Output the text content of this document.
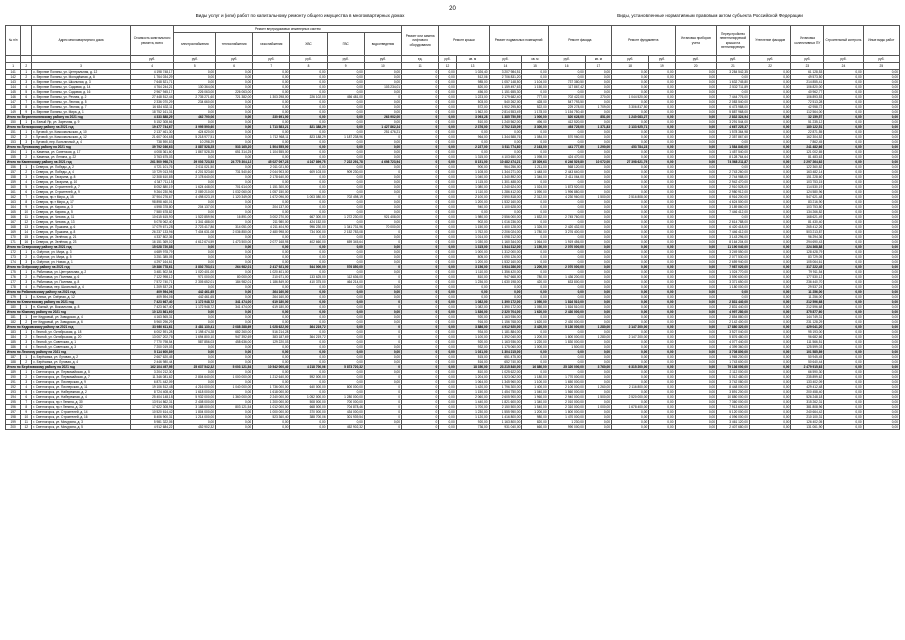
20
Виды услуг и (или) работ по капитальному ремонту общего имущества в многоквартирных домах	Виды, установленные нормативным правовым актом субъекта Российской Федерации
№ п/п		Адрес многоквартирного дома	Стоимость капитального ремонта, всего	Ремонт внутридомовых инженерных систем						Ремонт или замена лифтового оборудования	Ремонт крыши		Ремонт подвальных помещений		Ремонт фасада		Ремонт фундамента		Установка приборов учета	Переустройство невентилируемой крыши на вентилируемую	Утепление фасадов	Установка коллективных ПУ	Строительный контроль	Иные виды работ
				электроснабжения	теплоснабжения	газоснабжения	ХВС	ГВС	водоотведения															
			руб.	руб.	руб.	руб.	руб.	руб.	руб.	ед.	руб.	кв. м	руб.	кв. м	руб.	кв. м	руб.	руб.	руб.	руб.	руб.	руб.	руб.	руб.
1	2	3	4	5	6	7	8	9	10	11	12	13	14	15	16	17	18	19	20	21	22	23	24	25
141	1	с. Верхние Поляны, ул. Центральная, д. 12	4 198 748,17	0,00	0,00	0,00	0,00	0,00	0,00	0	0,00	1 026,40	3 207 984,51	0,00	0,00	0,00	0,00	0,00	0,00	3 284 542,35	0,00	61 128,53	0,00	0,00
142	2	с. Верхние Поляны, ул. Молодёжная, д. 8	1 764 034,29	0,00	0,00	0,00	0,00	0,00	0,00	0	0,00	512,06	2 706 831,20	0,00	0,00	0,00	0,00	0,00	0,00	0,00	0,00	49 573,50	0,00	0,00
143	3	с. Верхние Поляны, ул. Школьная, д. 3	7 648 521,71	0,00	0,00	0,00	0,00	0,00	0,00	0	0,00	985,00	1 057 148,50	1 104,00	737 380,50	0,00	0,00	0,00	0,00	1 632 745,80	0,00	214 855,41	0,00	0,00
144	4	с. Верхние Поляны, ул. Садовая, д. 14	4 764 244,21	130 364,06	0,00	0,00	0,00	0,00	103 234,01	0	0,00	820,00	1 159 497,63	1 150,00	117 867,42	0,00	0,00	0,00	0,00	2 532 711,89	0,00	106 820,00	0,00	0,00
145	5	с. Верхние Поляны, ул. Садовая, д. 16	2 967 945,17	226 063,00	226 063,00	0,00	0,00	0,00	0,00	0	0,00	456,00	1 151 655,30	0,00	0,00	0,00	0,00	0,00	0,00	0,00	0,00	40 962,77	0,00	0,00
146	6	с. Верхние Поляны, ул. Речная, д. 2	27 448 512,44	2 735 271,60	721 382,00	1 303 298,00	226 102,00	456 481,00	0	0	0,00	1 223,00	2 179 682,40	777,00	702 422,00	270,00	1 044 520,00	0,00	0,00	7 444 776,00	0,00	106 893,53	0,00	0,00
147	7	с. Верхние Поляны, ул. Лесная, д. 5	2 336 070,29	234 660,00	0,00	0,00	0,00	0,00	0,00	0	0,00	503,00	540 262,00	428,00	547 793,50	0,00	0,00	0,00	0,00	2 083 540,00	0,00	72 513,28	0,00	0,00
148	8	с. Верхние Поляны, ул. Лесная, д. 7	16 634 632,11	0,00	0,00	0,00	0,00	0,00	0,00	0	0,00	572,00	1 902 295,80	522,00	229 278,00	1 709,00	3 306 817,50	0,00	0,00	6 473 988,00	0,00	42 958,72	0,00	0,00
149	9	с. Верхние Поляны, ул. Мира, д. 1	18 752 161,31	0,00	0,00	0,00	0,00	0,00	0,00	0	0,00	1 562,00	2 814 553,49	1 178,00	1 154 750,40	0,00	0,00	0,00	0,00	5 887 968,00	0,00	112 564,00	0,00	0,00
Итого по Верхнеполянскому району на 2021 год			4 333 888,29	462 790,06	0,00	230 691,00	0,00	0,00	263 902,00	0	0,00	3 093,28	1 385 750,59	1 000,00	820 628,00	851,00	1 240 083,27	0,00	0,00	2 832 324,94	0,00	32 159,57	0,00	0,00
150	1	с. Белый Яр, ул. Заречная, д. 9	5 152 308,66	0,00	0,00	0,00	0,00	0,00	0,00	0	0,00	510,00	1 240 562,00	496,00	412 520,00	0,00	0,00	0,00	0,00	3 291 544,00	0,00	51 235,12	0,00	0,00
Итого по Белоярскому району на 2021 год			19 477 744,67	3 995 590,60	0,00	1 713 583,21	821 388,29	0,00	1 427 862,24	0	0,00	2 376,00	2 702 315,09	3 300,00	493 725,00	1 371,83	2 133 925,71	0,00	0,00	4 667 225,37	0,00	180 122,51	0,00	0,00
151	1	г. Луговой, ул. Комсомольская, д. 10	2 137 461,30	424 620,00	0,00	0,00	0,00	0,00	251 476,21	0	0,00	0,00	0,00	0,00	0,00	0,00	0,00	0,00	0,00	1 578 364,98	0,00	22 871,55	0,00	0,00
152	2	г. Луговой, ул. Комсомольская, д. 12	21 607 004,68	5 218 977,51	0,00	1 712 968,11	823 188,29	1 187 238,96	0	0	0,00	964,00	1 344 588,76	1 084,00	570 960,00	0,00	0,00	0,00	0,00	2 357 867,60	0,00	162 304,52	0,00	0,00
153	3	г. Луговой, пер. Больничный, д. 4	738 590,83	10 298,29	0,00	0,00	0,00	0,00	0,00	0	0,00	0,00	0,00	0,00	0,00	0,00	0,00	0,00	0,00	0,00	0,00	7 862,45	0,00	0,00
Итого по Луговскому району на 2021 год			39 792 036,63	3 887 528,25	533 165,20	1 504 555,00	0,00	0,00	0,00	0	0,00	2 227,00	3 511 774,80	2 163,00	441 777,60	1 290,00	453 784,23	0,00	0,00	1 584 840,00	0,00	241 482,66	0,00	0,00
154	1	с. Каменка, ул. Советская, д. 17	4 008 361,60	1 867 528,25	651 314,25	1 104 555,00	0,00	0,00	0,00	0	0,00	0,00	0,00	0,00	0,00	0,00	0,00	0,00	0,00	1 457 540,00	0,00	121 002,65	0,00	0,00
155	2	с. Каменка, ул. Ленина, д. 22	3 763 675,03	0,00	0,00	0,00	0,00	0,00	0,00	0	0,00	1 315,00	4 103 650,00	1 098,00	424 470,00	0,00	0,00	0,00	0,00	8 128 764,64	0,00	81 483,63	0,00	0,00
Итого по Каменскому району на 2021 год			261 500 998,74	29 003 723,53	24 775 304,12	45 027 097,23	4 247 899,75	7 222 291,78	4 698 723,94	0	0,00	8 151,00	10 482 474,21	15 309,63	6 246 529,80	10 072,00	27 398 621,79	0,00	0,00	74 568 211,87	0,00	2 297 264,62	0,00	0,00
156	1	г. Северск, ул. Победы, д. 2	4 721 101,76	2 011 021,50	0,00	2 011 021,50	0,00	0,00	0,00	0	0,00	900,00	964 256,00	1 211,00	568 120,00	0,00	0,00	0,00	0,00	0,00	0,00	122 360,82	0,00	0,00
157	2	г. Северск, ул. Победы, д. 4	10 729 013,95	4 201 523,60	731 540,60	2 044 903,00	609 103,00	909 230,00	0	0	0,00	1 108,00	1 344 271,00	1 448,00	2 443 640,00	0,00	0,00	0,00	0,00	2 743 260,00	0,00	163 482,14	0,00	0,00
158	3	г. Северск, ул. Гагарина, д. 8	12 308 610,85	2 178 640,00	0,00	2 178 640,00	0,00	0,00	0,00	0	0,00	1 040,00	1 340 892,00	1 346,00	2 411 064,00	0,00	0,00	0,00	0,00	2 744 988,00	0,00	151 228,60	0,00	0,00
159	4	г. Северск, ул. Гагарина, д. 10	4 347 711,15	0,00	0,00	0,00	0,00	0,00	0,00	0	0,00	1 115,00	1 301 488,00	0,00	0,00	0,00	0,00	0,00	0,00	2 942 470,00	0,00	103 753,15	0,00	0,00
160	5	г. Северск, ул. Строителей, д. 7	8 052 880,19	1 624 448,00	701 614,00	1 151 300,00	0,00	0,00	0,00	0	0,00	1 080,00	1 240 624,00	1 024,00	1 873 920,00	0,00	0,00	0,00	0,00	2 910 528,00	0,00	114 530,19	0,00	0,00
161	6	г. Северск, ул. Строителей, д. 9	9 264 230,96	2 089 210,00	1 032 060,00	1 057 150,00	0,00	0,00	0,00	0	0,00	1 110,00	1 286 412,00	1 090,00	1 996 880,00	0,00	0,00	0,00	0,00	2 980 912,00	0,00	124 580,96	0,00	0,00
162	7	г. Северск, пр-т Мира, д. 15	37 904 276,67	4 498 023,19	1 120 349,00	1 672 096,00	1 003 080,00	702 498,19	0	0	0,00	2 100,00	2 590 818,00	2 312,00	4 230 960,00	1 500,00	2 516 808,00	0,00	0,00	8 916 200,00	0,00	547 621,48	0,00	0,00
163	8	г. Северск, пр-т Мира, д. 17	98 898 460,01	0,00	0,00	0,00	0,00	0,00	0,00	0	0,00	1 200,00	1 532 160,00	0,00	0,00	0,00	0,00	0,00	0,00	4 624 500,00	0,00	83 216,90	0,00	0,00
164	9	г. Северск, ул. Кирова, д. 3	4 598 378,80	204 137,00	0,00	204 137,00	0,00	0,00	0,00	0	0,00	940,00	1 100 628,00	0,00	0,00	0,00	0,00	0,00	0,00	3 189 860,00	0,00	103 753,80	0,00	0,00
165	10	г. Северск, ул. Кирова, д. 5	7 580 678,82	0,00	0,00	0,00	0,00	0,00	0,00	0	0,00	0,00	0,00	0,00	0,00	0,00	0,00	0,00	0,00	7 446 412,00	0,00	134 266,82	0,00	0,00
166	11	г. Северск, ул. Чехова, д. 11	10 615 615,90	1 522 859,96	16 891,00	3 002 270,00	667 300,00	1 272 230,00	921 408,00	0	0,00	1 980,00	2 556 000,00	1 832,00	2 745 760,00	0,00	0,00	0,00	0,00	0,00	0,00	168 621,49	0,00	0,00
167	12	г. Северск, ул. Чехова, д. 13	5 078 062,40	1 341 488,00	0,00	211 980,00	424 152,00	0,00	0,00	0	0,00	902,00	1 016 236,00	0,00	0,00	0,00	0,00	0,00	0,00	2 614 788,00	0,00	81 430,40	0,00	0,00
168	13	г. Северск, ул. Пушкина, д. 6	17 079 671,28	2 723 417,86	314 051,00	4 211 404,90	996 230,00	1 341 731,96	70 000,00	0	0,00	1 150,00	1 400 128,00	1 326,00	2 420 432,00	0,00	0,00	0,00	0,00	6 420 418,00	0,00	265 412,26	0,00	0,00
169	14	г. Северск, ул. Пушкина, д. 8	26 237 133,96	7 404 631,08	2 036 850,00	2 480 998,00	734 000,00	2 152 783,08	0	0	0,00	1 762,00	2 206 024,00	1 780,00	3 276 400,00	0,00	0,00	0,00	0,00	7 446 412,00	0,00	503 213,87	0,00	0,00
170	15	г. Северск, ул. Зелёная, д. 21	4 337 802,36	0,00	0,00	0,00	0,00	0,00	0,00	0	0,00	1 014,00	1 098 212,00	0,00	0,00	0,00	0,00	0,00	0,00	3 143 296,00	0,00	96 294,36	0,00	0,00
171	16	г. Северск, ул. Зелёная, д. 23	16 151 369,02	4 612 674,59	1 473 500,00	2 077 168,95	402 660,00	659 345,64	0	0	0,00	1 030,00	1 160 344,00	1 064,00	1 919 456,00	0,00	0,00	0,00	0,00	8 164 204,00	0,00	294 690,43	0,00	0,00
Итого по Северскому району на 2021 год			15 028 720,88	0,00	0,00	0,00	0,00	0,00	0,00	0	0,00	1 315,00	1 544 312,00	1 150,00	2 070 000,00	0,00	0,00	0,00	0,00	11 190 040,00	0,00	224 368,88	0,00	0,00
172	1	с. Озёрное, ул. Мира, д. 3	4 689 978,79	0,00	0,00	0,00	0,00	0,00	0,00	0	0,00	1 000,00	1 312 000,00	0,00	0,00	0,00	0,00	0,00	0,00	3 249 550,00	0,00	128 428,79	0,00	0,00
173	2	с. Озёрное, ул. Мира, д. 5	3 251 385,05	0,00	0,00	0,00	0,00	0,00	0,00	0	0,00	805,00	1 090 126,00	0,00	0,00	0,00	0,00	0,00	0,00	2 077 530,00	0,00	83 729,05	0,00	0,00
174	3	с. Озёрное, ул. Новая, д. 1	4 297 164,61	0,00	0,00	0,00	0,00	0,00	0,00	0	0,00	1 200,00	1 532 160,00	0,00	0,00	0,00	0,00	0,00	0,00	2 659 940,00	0,00	105 064,61	0,00	0,00
Итого по Озёрскому району на 2021 год			19 386 778,61	3 802 753,01	264 982,01	2 417 921,00	544 000,00	576 850,00	0	0	0,00	3 156,00	3 934 286,00	1 200,00	2 070 000,00	0,00	0,00	0,00	0,00	7 987 020,00	0,00	317 222,45	0,00	0,00
175	1	с. Рябиновка, ул. Центральная, д. 2	3 481 502,54	1 020 401,00	0,00	1 020 401,00	0,00	0,00	0,00	0	0,00	1 110,00	1 356 420,00	0,00	0,00	0,00	0,00	0,00	0,00	1 024 770,00	0,00	79 911,54	0,00	0,00
176	2	с. Рябиновка, ул. Полевая, д. 6	7 122 998,12	971 000,00	80 000,00	210 671,00	133 625,00	112 636,00	0	0	0,00	810,00	947 668,00	780,00	1 436 200,00	0,00	0,00	0,00	0,00	3 590 600,00	0,00	177 530,12	0,00	0,00
177	3	с. Рябиновка, ул. Полевая, д. 8	7 572 740,71	2 305 652,01	184 982,01	1 186 849,00	410 375,00	464 214,00	0	0	0,00	1 236,00	1 630 198,00	420,00	633 800,00	0,00	0,00	0,00	0,00	3 371 650,00	0,00	236 440,70	0,00	0,00
178	4	с. Рябиновка, пер. Школьный, д. 4	1 209 537,24	0,00	0,00	0,00	0,00	0,00	0,00	0	0,00	0,00	0,00	0,00	0,00	0,00	0,00	0,00	0,00	1 180 000,00	0,00	29 537,24	0,00	0,00
Итого по Рябиновскому району на 2021 год			409 594,06	442 461,65	0,00	264 160,00	0,00	0,00	0,00	0	0,00	0,00	0,00	0,00	0,00	0,00	0,00	0,00	0,00	0,00	0,00	11 256,00	0,00	0,00
179	1	с. Ключи, ул. Озёрная, д. 12	409 594,06	442 461,65	0,00	264 160,00	0,00	0,00	0,00	0	0,00	0,00	0,00	0,00	0,00	0,00	0,00	0,00	0,00	0,00	0,00	11 256,00	0,00	0,00
Итого по Ключевскому району на 2021 год			7 423 667,40	1 172 948,72	341 474,00	619 180,00	0,00	0,00	0	0	0,00	1 082,00	1 390 172,00	1 050,00	1 816 510,00	0,00	0,00	0,00	0,00	2 831 440,00	0,00	212 596,68	0,00	0,00
180	1	п. Южный, ул. Вокзальная, д. 8	7 423 667,40	1 172 948,72	341 474,00	619 180,00	0,00	0,00	0	0	0,00	1 082,00	1 390 172,00	1 050,00	1 816 510,00	0,00	0,00	0,00	0,00	2 831 440,00	0,00	212 596,68	0,00	0,00
Итого по Южному району на 2021 год			10 123 861,60	0,00	0,00	0,00	0,00	0,00	0,00	0	0,00	1 836,00	2 320 704,00	1 620,00	2 430 000,00	0,00	0,00	0,00	0,00	4 997 280,00	0,00	375 877,60	0,00	0,00
181	1	пгт Кедровый, ул. Заводская, д. 4	4 163 565,31	0,00	0,00	0,00	0,00	0,00	0,00	0	0,00	920,00	1 163 936,00	0,00	0,00	0,00	0,00	0,00	0,00	2 854 880,00	0,00	144 749,31	0,00	0,00
182	2	пгт Кедровый, ул. Заводская, д. 6	5 960 296,29	0,00	0,00	0,00	0,00	0,00	0,00	0	0,00	916,00	1 156 768,00	1 620,00	2 430 000,00	0,00	0,00	0,00	0,00	2 142 400,00	0,00	231 128,29	0,00	0,00
Итого по Кедровскому району на 2021 год			33 980 611,61	3 481 130,41	2 088 288,69	1 028 622,00	364 219,72	0,00	0	0	0,00	3 886,00	4 912 920,00	3 420,00	5 130 000,00	1 280,00	2 147 200,00	0,00	0,00	17 880 320,00	0,00	429 041,20	0,00	0,00
183	1	г. Лесной, ул. Октябрьская, д. 18	6 002 591,28	1 198 474,28	682 260,00	516 214,28	0,00	0,00	0	0	0,00	934,00	1 181 884,00	0,00	0,00	0,00	0,00	0,00	0,00	3 527 040,00	0,00	95 193,00	0,00	0,00
184	2	г. Лесной, ул. Октябрьская, д. 20	13 007 202,76	1 694 800,10	947 392,69	383 187,69	364 219,72	0,00	0	0	0,00	1 100,00	1 392 040,00	1 200,00	1 800 000,00	1 280,00	2 147 200,00	0,00	0,00	5 876 480,00	0,00	96 682,66	0,00	0,00
185	3	г. Лесной, ул. Советская, д. 1	7 770 798,54	587 856,03	458 636,00	129 220,03	0,00	0,00	0	0	0,00	920,00	1 163 936,00	1 220,00	1 830 000,00	0,00	0,00	0,00	0,00	4 077 440,00	0,00	111 566,51	0,00	0,00
186	4	г. Лесной, ул. Советская, д. 3	7 200 019,03	0,00	0,00	0,00	0,00	0,00	0,00	0	0,00	932,00	1 175 060,00	1 000,00	1 500,00	0,00	0,00	0,00	0,00	4 399 360,00	0,00	125 599,03	0,00	0,00
Итого по Лесному району на 2021 год			5 114 600,89	0,00	0,00	0,00	0,00	0,00	0,00	0	0,00	1 031,00	1 304 215,00	0,00	0,00	0,00	0,00	0,00	0,00	3 708 800,00	0,00	101 585,89	0,00	0,00
187	1	с. Берёзовка, ул. Луговая, д. 2	2 667 620,45	0,00	0,00	0,00	0,00	0,00	0,00	0	0,00	515,00	651 475,00	0,00	0,00	0,00	0,00	0,00	0,00	1 965 200,00	0,00	50 945,45	0,00	0,00
188	2	с. Берёзовка, ул. Луговая, д. 4	2 446 980,44	0,00	0,00	0,00	0,00	0,00	0,00	0	0,00	516,00	652 740,00	0,00	0,00	0,00	0,00	0,00	0,00	1 743 600,00	0,00	50 640,44	0,00	0,00
Итого по Берёзовскому району на 2021 год			162 104 497,95	25 637 542,32	5 003 121,54	10 542 000,40	4 218 700,06	5 873 720,32	0	0	0,00	18 350,00	23 215 840,00	16 880,00	25 320 000,00	3 760,00	6 315 200,00	0,00	0,00	79 136 000,00	0,00	2 479 915,63	0,00	0,00
189	1	г. Светлогорск, ул. Первомайская, д. 5	3 204 212,30	0,00	0,00	0,00	0,00	0,00	0,00	0	0,00	810,00	1 025 622,00	0,00	0,00	0,00	0,00	0,00	0,00	2 112 000,00	0,00	66 590,30	0,00	0,00
190	2	г. Светлогорск, ул. Первомайская, д. 7	11 346 081,62	2 804 640,00	1 000 000,00	1 212 640,00	592 000,00	0,00	0	0	0,00	1 204,00	1 523 062,00	1 180,00	1 770 000,00	0,00	0,00	0,00	0,00	5 012 480,00	0,00	235 899,62	0,00	0,00
191	3	г. Светлогорск, ул. Пионерская, д. 9	6 871 442,09	0,00	0,00	0,00	0,00	0,00	0,00	0	0,00	1 064,00	1 345 960,00	1 100,00	1 650 000,00	0,00	0,00	0,00	0,00	3 742 080,00	0,00	133 402,09	0,00	0,00
192	4	г. Светлогорск, ул. Пионерская, д. 11	19 106 512,48	4 216 000,00	1 040 000,00	1 736 000,00	640 000,00	800 000,00	0	0	0,00	1 420,00	1 796 300,00	1 400,00	2 100 000,00	1 260,00	2 116 800,00	0,00	0,00	8 448 000,00	0,00	429 412,48	0,00	0,00
193	5	г. Светлогорск, ул. Набережная, д. 2	8 724 408,40	1 618 000,00	0,00	1 618 000,00	0,00	0,00	0	0	0,00	1 150,00	1 454 750,00	1 040,00	1 560 000,00	0,00	0,00	0,00	0,00	3 891 200,00	0,00	200 458,40	0,00	0,00
194	6	г. Светлогорск, ул. Набережная, д. 4	25 404 148,18	5 932 000,00	1 360 000,00	2 240 000,00	1 052 000,00	1 280 000,00	0	0	0,00	2 060,00	2 605 900,00	1 960,00	2 940 000,00	1 500,00	2 520 000,00	0,00	0,00	10 880 000,00	0,00	526 248,18	0,00	0,00
195	7	г. Светлогорск, пр-т Ленина, д. 30	13 914 862,31	2 408 000,00	0,00	1 200 000,00	508 000,00	700 000,00	0	0	0,00	1 440,00	1 821 600,00	1 340,00	2 010 000,00	0,00	0,00	0,00	0,00	7 360 000,00	0,00	315 262,31	0,00	0,00
196	8	г. Светлогорск, пр-т Ленина, д. 32	17 622 308,96	3 188 000,00	803 121,54	1 012 000,00	668 000,00	704 878,46	0	0	0,00	1 700,00	2 150 500,00	1 540,00	2 310 000,00	1 000,00	1 678 400,00	0,00	0,00	7 913 600,00	0,00	381 808,96	0,00	0,00
197	9	г. Светлогорск, ул. Строителей, д. 14	10 520 614,42	1 804 000,00	0,00	1 000 000,00	370 000,00	434 000,00	0	0	0,00	1 230,00	1 555 950,00	1 200,00	1 800 000,00	0,00	0,00	0,00	0,00	5 120 000,00	0,00	240 664,42	0,00	0,00
198	10	г. Светлогорск, ул. Строителей, д. 16	8 406 900,31	1 214 000,00	0,00	523 360,40	388 700,06	301 939,54	0	0	0,00	1 120,00	1 416 800,00	980,00	1 470 000,00	0,00	0,00	0,00	0,00	4 096 000,00	0,00	210 100,31	0,00	0,00
199	11	г. Светлогорск, ул. Мичурина, д. 3	5 981 322,05	0,00	0,00	0,00	0,00	0,00	0,00	0	0,00	920,00	1 163 800,00	820,00	1 230,00	0,00	0,00	0,00	0,00	3 461 120,00	0,00	126 402,05	0,00	0,00
200	12	г. Светлогорск, ул. Мичурина, д. 5	4 912 684,22	452 902,32	0,00	0,00	0,00	452 902,32	0	0	0,00	736,00	931 040,00	660,00	990 000,00	0,00	0,00	0,00	0,00	2 407 680,00	0,00	131 061,90	0,00	0,00
